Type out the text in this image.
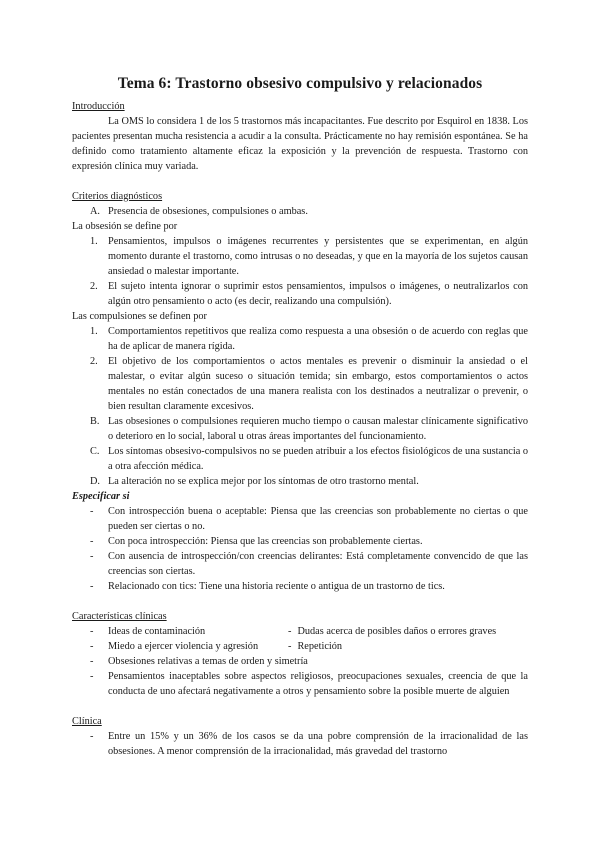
Tema 6: Trastorno obsesivo compulsivo y relacionados

Introducción

La OMS lo considera 1 de los 5 trastornos más incapacitantes. Fue descrito por Esquirol en 1838. Los pacientes presentan mucha resistencia a acudir a la consulta. Prácticamente no hay remisión espontánea. Se ha definido como tratamiento altamente eficaz la exposición y la prevención de respuesta. Trastorno con expresión clínica muy variada.

Criterios diagnósticos

A. Presencia de obsesiones, compulsiones o ambas.

La obsesión se define por

1. Pensamientos, impulsos o imágenes recurrentes y persistentes que se experimentan, en algún momento durante el trastorno, como intrusas o no deseadas, y que en la mayoría de los sujetos causan ansiedad o malestar importante.
2. El sujeto intenta ignorar o suprimir estos pensamientos, impulsos o imágenes, o neutralizarlos con algún otro pensamiento o acto (es decir, realizando una compulsión).

Las compulsiones se definen por

1. Comportamientos repetitivos que realiza como respuesta a una obsesión o de acuerdo con reglas que ha de aplicar de manera rígida.
2. El objetivo de los comportamientos o actos mentales es prevenir o disminuir la ansiedad o el malestar, o evitar algún suceso o situación temida; sin embargo, estos comportamientos o actos mentales no están conectados de una manera realista con los destinados a neutralizar o prevenir, o bien resultan claramente excesivos.
B. Las obsesiones o compulsiones requieren mucho tiempo o causan malestar clínicamente significativo o deterioro en lo social, laboral u otras áreas importantes del funcionamiento.
C. Los síntomas obsesivo-compulsivos no se pueden atribuir a los efectos fisiológicos de una sustancia o a otra afección médica.
D. La alteración no se explica mejor por los síntomas de otro trastorno mental.

Especificar si

- Con introspección buena o aceptable: Piensa que las creencias son probablemente no ciertas o que pueden ser ciertas o no.
- Con poca introspección: Piensa que las creencias son probablemente ciertas.
- Con ausencia de introspección/con creencias delirantes: Está completamente convencido de que las creencias son ciertas.
- Relacionado con tics: Tiene una historia reciente o antigua de un trastorno de tics.

Características clínicas

- Ideas de contaminación	- Dudas acerca de posibles daños o errores graves
- Miedo a ejercer violencia y agresión	- Repetición
- Obsesiones relativas a temas de orden y simetría
- Pensamientos inaceptables sobre aspectos religiosos, preocupaciones sexuales, creencia de que la conducta de uno afectará negativamente a otros y pensamiento sobre la posible muerte de alguien

Clínica

- Entre un 15% y un 36% de los casos se da una pobre comprensión de la irracionalidad de las obsesiones. A menor comprensión de la irracionalidad, más gravedad del trastorno
